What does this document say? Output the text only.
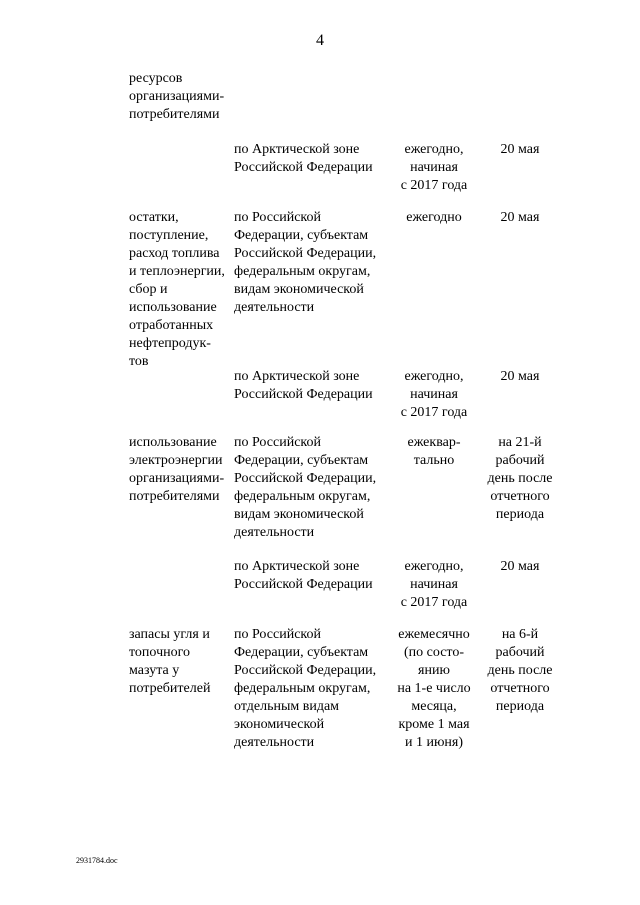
4
ресурсов
организациями-
потребителями
по Арктической зоне
Российской Федерации
ежегодно,
начиная
с 2017 года
20 мая
остатки,
поступление,
расход топлива
и теплоэнергии,
сбор и
использование
отработанных
нефтепродук-
тов
по Российской
Федерации, субъектам
Российской Федерации,
федеральным округам,
видам экономической
деятельности
ежегодно	20 мая
по Арктической зоне
Российской Федерации
ежегодно,
начиная
с 2017 года
20 мая
использование
электроэнергии
организациями-
потребителями
по Российской
Федерации, субъектам
Российской Федерации,
федеральным округам,
видам экономической
деятельности
ежеквар-
тально
на 21-й
рабочий
день после
отчетного
периода
по Арктической зоне
Российской Федерации
ежегодно,
начиная
с 2017 года
20 мая
запасы угля и
топочного
мазута у
потребителей
по Российской
Федерации, субъектам
Российской Федерации,
федеральным округам,
отдельным видам
экономической
деятельности
ежемесячно
(по состо-
янию
на 1-е число
месяца,
кроме 1 мая
и 1 июня)
на 6-й
рабочий
день после
отчетного
периода
2931784.doc
